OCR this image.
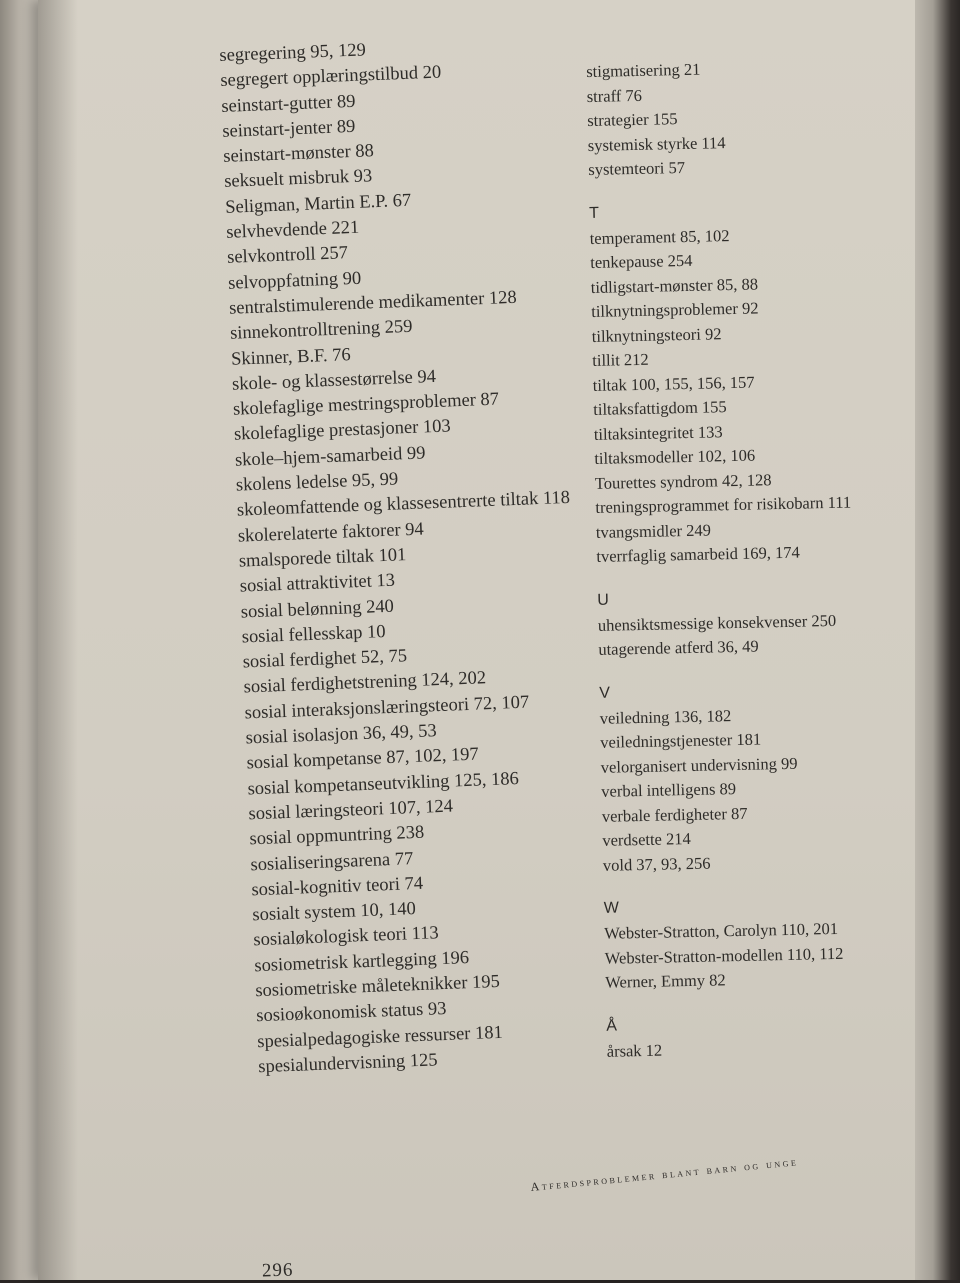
segregering 95, 129
segregert opplæringstilbud 20
seinstart-gutter 89
seinstart-jenter 89
seinstart-mønster 88
seksuelt misbruk 93
Seligman, Martin E.P. 67
selvhevdende 221
selvkontroll 257
selvoppfatning 90
sentralstimulerende medikamenter 128
sinnekontrolltrening 259
Skinner, B.F. 76
skole- og klassestørrelse 94
skolefaglige mestringsproblemer 87
skolefaglige prestasjoner 103
skole–hjem-samarbeid 99
skolens ledelse 95, 99
skoleomfattende og klassesentrerte tiltak 118
skolerelaterte faktorer 94
smalsporede tiltak 101
sosial attraktivitet 13
sosial belønning 240
sosial fellesskap 10
sosial ferdighet 52, 75
sosial ferdighetstrening 124, 202
sosial interaksjonslæringsteori 72, 107
sosial isolasjon 36, 49, 53
sosial kompetanse 87, 102, 197
sosial kompetanseutvikling 125, 186
sosial læringsteori 107, 124
sosial oppmuntring 238
sosialiseringsarena 77
sosial-kognitiv teori 74
sosialt system 10, 140
sosialøkologisk teori 113
sosiometrisk kartlegging 196
sosiometriske måleteknikker 195
sosioøkonomisk status 93
spesialpedagogiske ressurser 181
spesialundervisning 125
stigmatisering 21
straff 76
strategier 155
systemisk styrke 114
systemteori 57
T
temperament 85, 102
tenkepause 254
tidligstart-mønster 85, 88
tilknytningsproblemer 92
tilknytningsteori 92
tillit 212
tiltak 100, 155, 156, 157
tiltaksfattigdom 155
tiltaksintegritet 133
tiltaksmodeller 102, 106
Tourettes syndrom 42, 128
treningsprogrammet for risikobarn 111
tvangsmidler 249
tverrfaglig samarbeid 169, 174
U
uhensiktsmessige konsekvenser 250
utagerende atferd 36, 49
V
veiledning 136, 182
veiledningstjenester 181
velorganisert undervisning 99
verbal intelligens 89
verbale ferdigheter 87
verdsette 214
vold 37, 93, 256
W
Webster-Stratton, Carolyn 110, 201
Webster-Stratton-modellen 110, 112
Werner, Emmy 82
Å
årsak 12
Atferdsproblemer blant barn og unge
296
